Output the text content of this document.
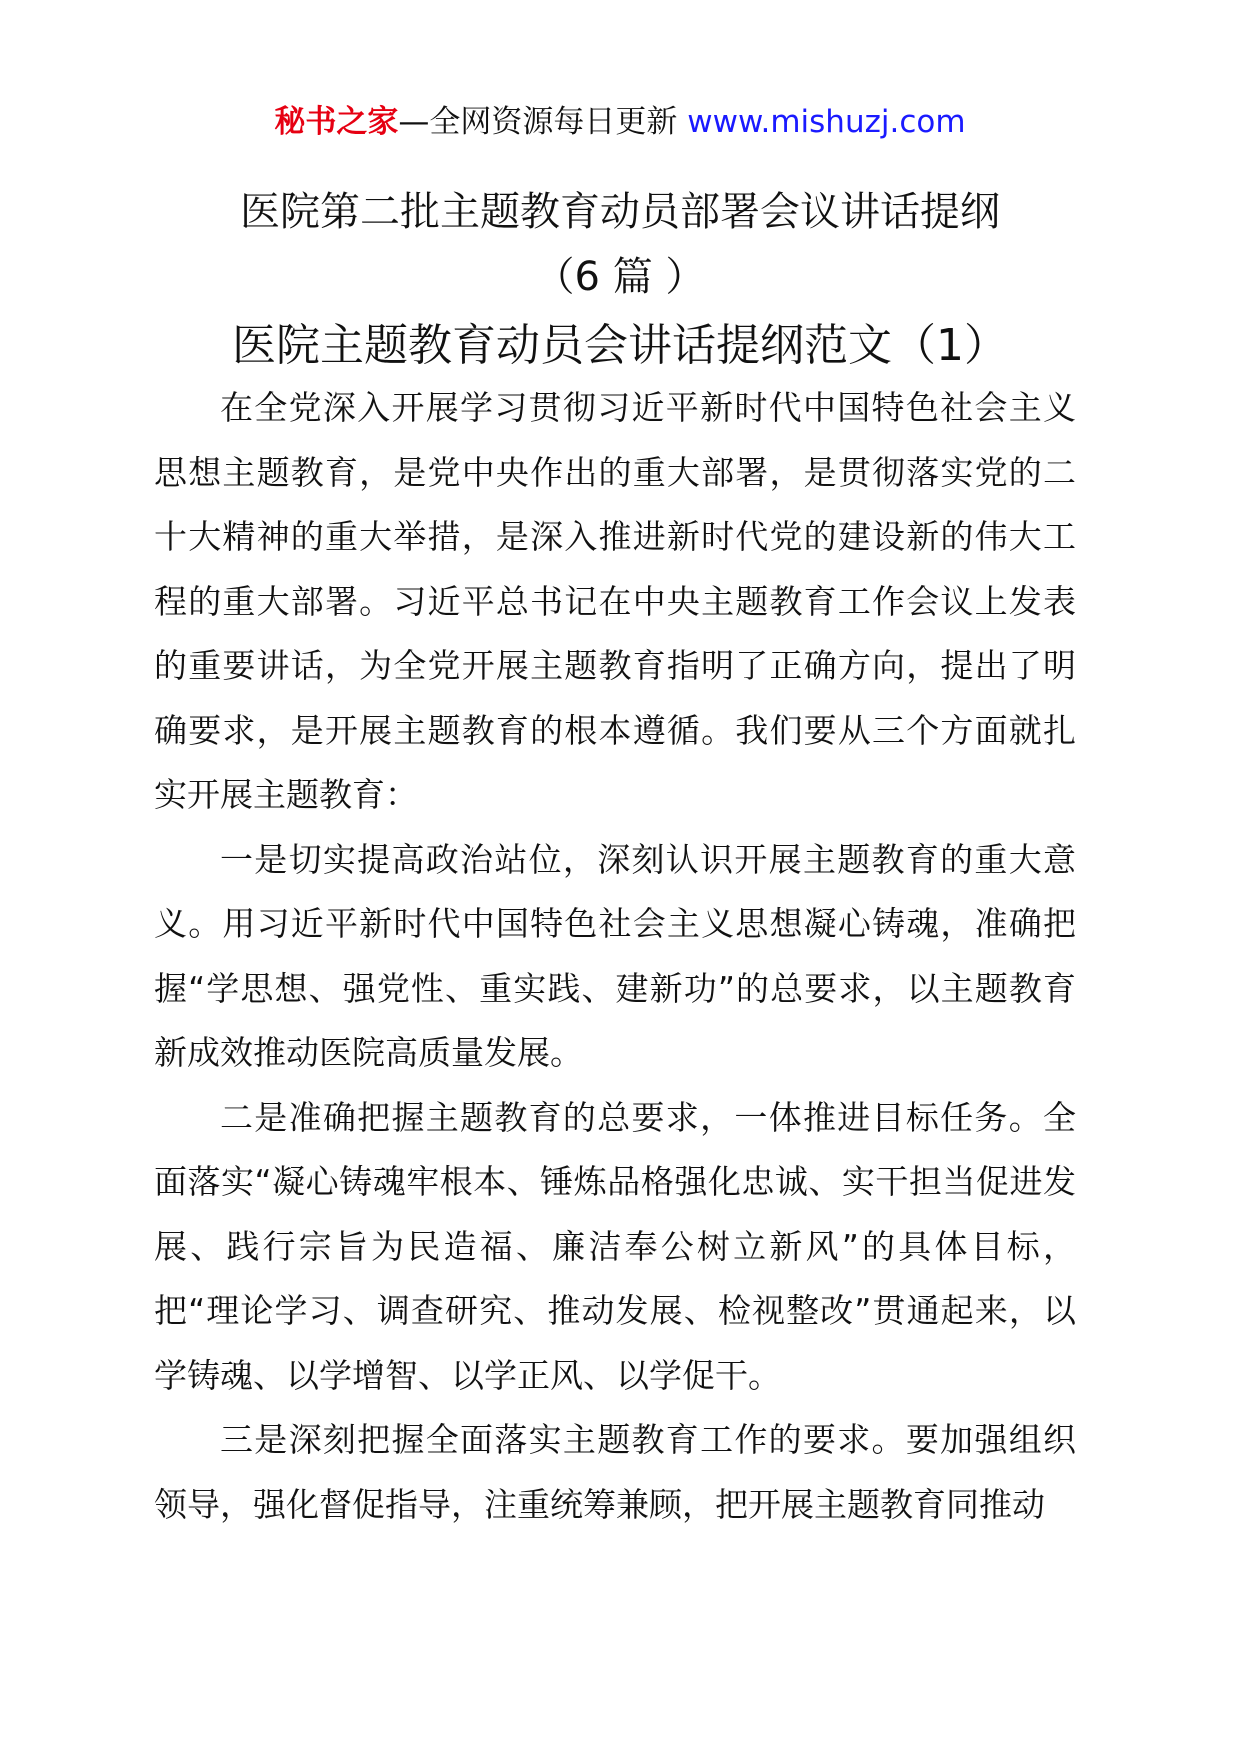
秘书之家—全网资源每日更新 www.mishuzj.com
医院第二批主题教育动员部署会议讲话提纲
（6 篇 ）
医院主题教育动员会讲话提纲范文（1）

在全党深入开展学习贯彻习近平新时代中国特色社会主义思想主题教育，是党中央作出的重大部署，是贯彻落实党的二十大精神的重大举措，是深入推进新时代党的建设新的伟大工程的重大部署。习近平总书记在中央主题教育工作会议上发表的重要讲话，为全党开展主题教育指明了正确方向，提出了明确要求，是开展主题教育的根本遵循。我们要从三个方面就扎实开展主题教育：

一是切实提高政治站位，深刻认识开展主题教育的重大意义。用习近平新时代中国特色社会主义思想凝心铸魂，准确把握“学思想、强党性、重实践、建新功”的总要求，以主题教育新成效推动医院高质量发展。

二是准确把握主题教育的总要求，一体推进目标任务。全面落实“凝心铸魂牢根本、锤炼品格强化忠诚、实干担当促进发展、践行宗旨为民造福、廉洁奉公树立新风”的具体目标，把“理论学习、调查研究、推动发展、检视整改”贯通起来，以学铸魂、以学增智、以学正风、以学促干。

三是深刻把握全面落实主题教育工作的要求。要加强组织领导，强化督促指导，注重统筹兼顾，把开展主题教育同推动
